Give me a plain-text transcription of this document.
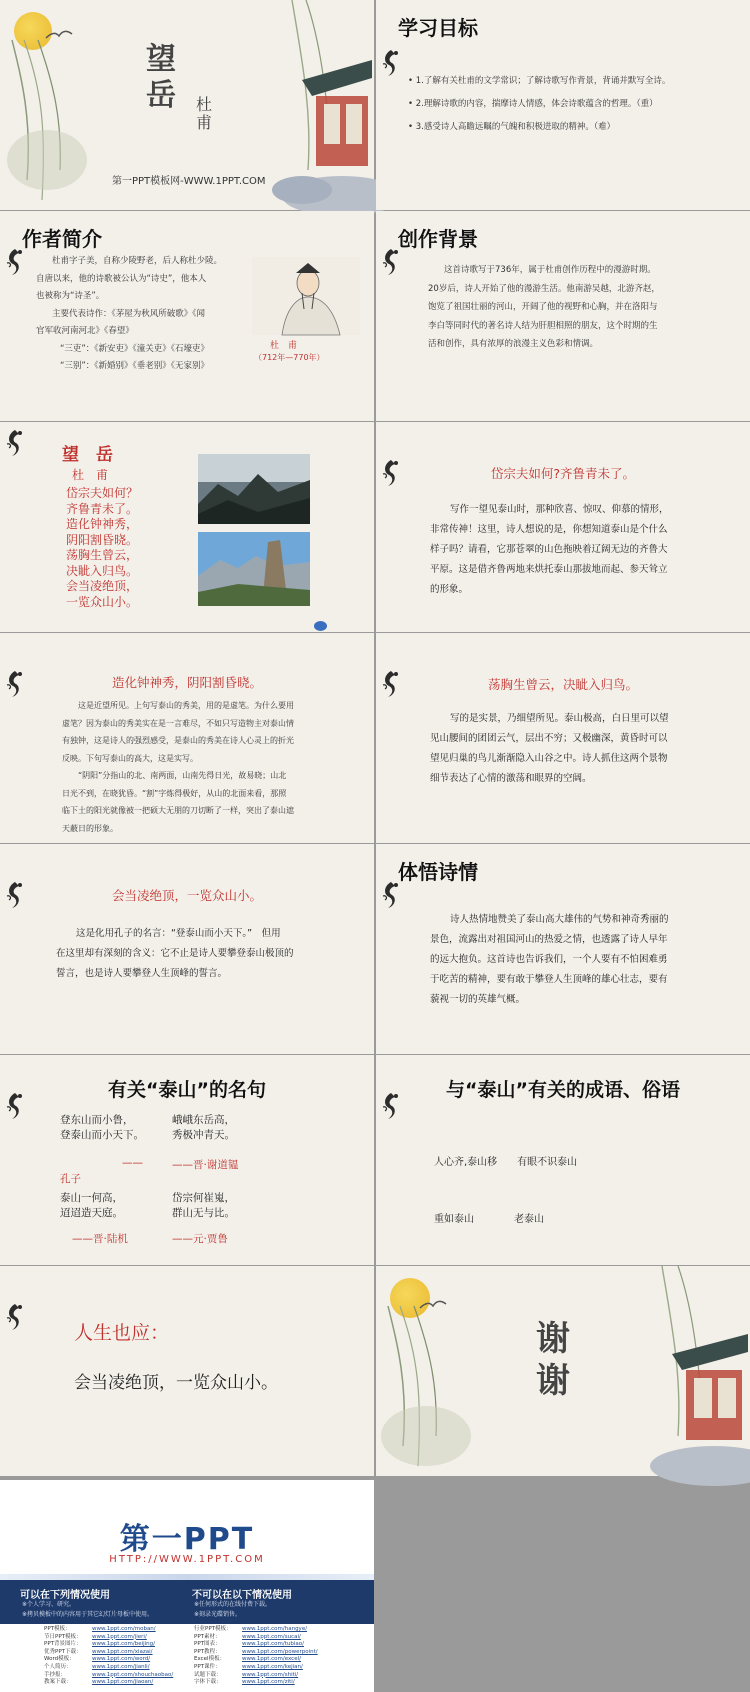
望
岳 杜
甫
第一PPT模板网-WWW.1PPT.COM
学习目标
• 1.了解有关杜甫的文学常识；了解诗歌写作背景，背诵并默写全诗。
• 2.理解诗歌的内容，揣摩诗人情感，体会诗歌蕴含的哲理。（重）
• 3.感受诗人高瞻远瞩的气魄和积极进取的精神。（难）
作者简介
杜甫字子美，自称少陵野老，后人称杜少陵。
自唐以来，他的诗歌被公认为“诗史”，他本人
也被称为“诗圣”。
主要代表诗作：《茅屋为秋风所破歌》《闻
官军收河南河北》《春望》
“三吏”：《新安吏》《潼关吏》《石壕吏》
“三别”：《新婚别》《垂老别》《无家别》
杜　甫
（712年—770年）
创作背景
这首诗歌写于736年，属于杜甫创作历程中的漫游时期。
20岁后，诗人开始了他的漫游生活。他南游吴越，北游齐赵，
饱览了祖国壮丽的河山，开阔了他的视野和心胸，并在洛阳与
李白等同时代的著名诗人结为肝胆相照的朋友，这个时期的生
活和创作，具有浓厚的浪漫主义色彩和情调。
望　岳
杜　甫
岱宗夫如何？
齐鲁青未了。
造化钟神秀，
阴阳割昏晓。
荡胸生曾云，
决眦入归鸟。
会当凌绝顶，
一览众山小。
岱宗夫如何?齐鲁青未了。
写作一望见泰山时，那种欣喜、惊叹、仰慕的情形，
非常传神！这里，诗人想说的是，你想知道泰山是个什么
样子吗？请看，它那苍翠的山色拖映着辽阔无边的齐鲁大
平原。这是借齐鲁两地来烘托泰山那拔地而起、参天耸立
的形象。
造化钟神秀，阴阳割昏晓。
这是近望所见。上句写泰山的秀美，用的是虚笔。为什么要用
虚笔？因为泰山的秀美实在是一言难尽，不如只写造物主对泰山情
有独钟，这是诗人的强烈感受，是泰山的秀美在诗人心灵上的折光
反映。下句写泰山的高大，这是实写。
“阴阳”分指山的北、南两面，山南先得日光，故易晓；山北
日光不到，在晓犹昏。“割”字炼得极好，从山的北面来看，那照
临下土的阳光就像被一把硕大无朋的刀切断了一样，突出了泰山遮
天蔽日的形象。
荡胸生曾云，决眦入归鸟。
写的是实景，乃细望所见。泰山极高，白日里可以望
见山腰间的团团云气，层出不穷；又极幽深，黄昏时可以
望见归巢的鸟儿渐渐隐入山谷之中。诗人抓住这两个景物
细节表达了心情的激荡和眼界的空阔。
会当凌绝顶，一览众山小。
这是化用孔子的名言：“登泰山而小天下。”　但用
在这里却有深刻的含义：它不止是诗人要攀登泰山极顶的
誓言，也是诗人要攀登人生顶峰的誓言。
体悟诗情
诗人热情地赞美了泰山高大雄伟的气势和神奇秀丽的
景色，流露出对祖国河山的热爱之情，也透露了诗人早年
的远大抱负。这首诗也告诉我们，一个人要有不怕困难勇
于吃苦的精神，要有敢于攀登人生顶峰的雄心壮志，要有
藐视一切的英雄气概。
有关“泰山”的名句
登东山而小鲁，
登泰山而小天下。
——
孔子
峨峨东岳高，
秀极冲青天。
——晋·谢道韫
泰山一何高，
迢迢造天庭。
——晋·陆机
岱宗何崔嵬，
群山无与比。
——元·贾鲁
与“泰山”有关的成语、俗语

人心齐,泰山移　　有眼不识泰山

重如泰山　　　　老泰山

人生也应：
会当凌绝顶，一览众山小。
谢
谢
第一PPT
HTTP://WWW.1PPT.COM
可以在下列情况使用
※个人学习、研究。
※拷贝模板中的内容用于其它幻灯片母板中使用。
不可以在以下情况使用
※任何形式的在线付费下载。
※刻录光碟销售。
PPT模板：	www.1ppt.com/moban/
节日PPT模板： www.1ppt.com/jieri/
PPT背景图片： www.1ppt.com/beijing/
优秀PPT下载： www.1ppt.com/xiazai/
Word模板：	www.1ppt.com/word/
个人简历：	www.1ppt.com/jianli/
手抄报：	www.1ppt.com/shouchaobao/
教案下载：	www.1ppt.com/jiaoan/
行业PPT模板： www.1ppt.com/hangye/
PPT素材：	www.1ppt.com/sucai/
PPT图表：	www.1ppt.com/tubiao/
PPT教程：	www.1ppt.com/powerpoint/
Excel模板：	www.1ppt.com/excel/
PPT课件：	www.1ppt.com/kejian/
试题下载：	www.1ppt.com/shiti/
字体下载：	www.1ppt.com/ziti/
